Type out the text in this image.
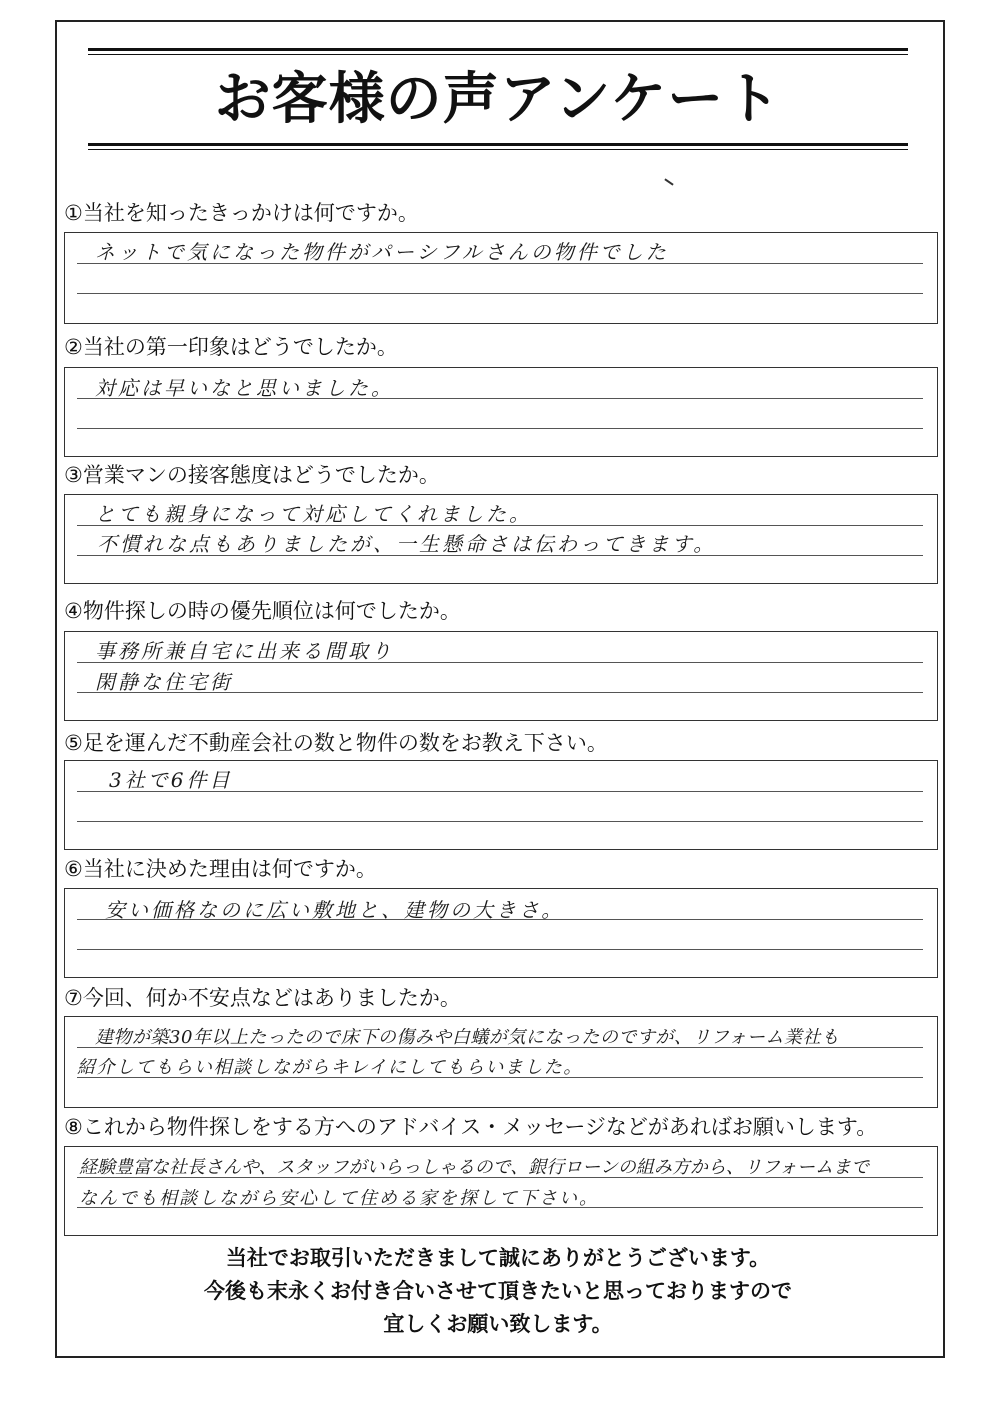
お客様の声アンケート
①当社を知ったきっかけは何ですか。
ネットで気になった物件がパーシフルさんの物件でした
②当社の第一印象はどうでしたか。
対応は早いなと思いました。
③営業マンの接客態度はどうでしたか。
とても親身になって対応してくれました。
不慣れな点もありましたが、一生懸命さは伝わってきます。
④物件探しの時の優先順位は何でしたか。
事務所兼自宅に出来る間取り
閑静な住宅街
⑤足を運んだ不動産会社の数と物件の数をお教え下さい。
3社で6件目
⑥当社に決めた理由は何ですか。
安い価格なのに広い敷地と、建物の大きさ。
⑦今回、何か不安点などはありましたか。
建物が築30年以上たったので床下の傷みや白蟻が気になったのですが、リフォーム業社も
紹介してもらい相談しながらキレイにしてもらいました。
⑧これから物件探しをする方へのアドバイス・メッセージなどがあればお願いします。
経験豊富な社長さんや、スタッフがいらっしゃるので、銀行ローンの組み方から、リフォームまで
なんでも相談しながら安心して住める家を探して下さい。
当社でお取引いただきまして誠にありがとうございます。
今後も末永くお付き合いさせて頂きたいと思っておりますので
宜しくお願い致します。
